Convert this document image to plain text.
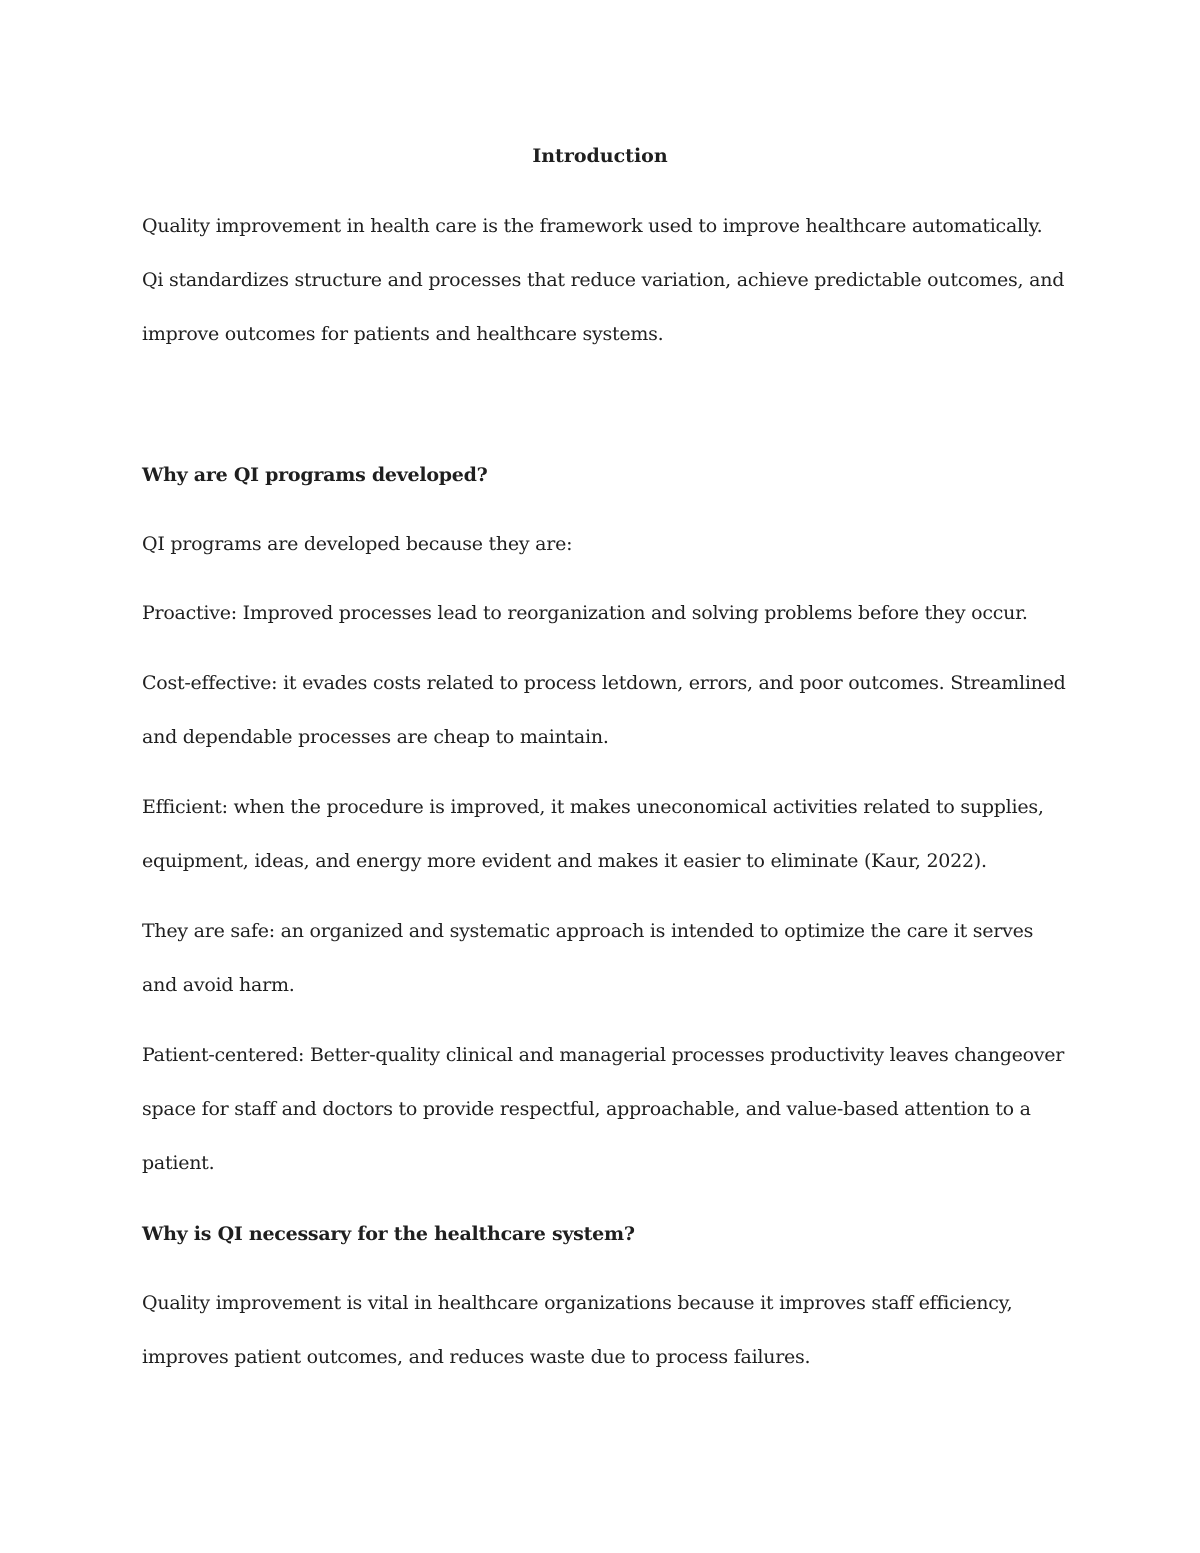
Introduction

Quality improvement in health care is the framework used to improve healthcare automatically.

Qi standardizes structure and processes that reduce variation, achieve predictable outcomes, and

improve outcomes for patients and healthcare systems.

Why are QI programs developed?

QI programs are developed because they are:

Proactive: Improved processes lead to reorganization and solving problems before they occur.

Cost-effective: it evades costs related to process letdown, errors, and poor outcomes. Streamlined

and dependable processes are cheap to maintain.

Efficient: when the procedure is improved, it makes uneconomical activities related to supplies,

equipment, ideas, and energy more evident and makes it easier to eliminate (Kaur, 2022).

They are safe: an organized and systematic approach is intended to optimize the care it serves

and avoid harm.

Patient-centered: Better-quality clinical and managerial processes productivity leaves changeover

space for staff and doctors to provide respectful, approachable, and value-based attention to a

patient.

Why is QI necessary for the healthcare system?

Quality improvement is vital in healthcare organizations because it improves staff efficiency,

improves patient outcomes, and reduces waste due to process failures.
